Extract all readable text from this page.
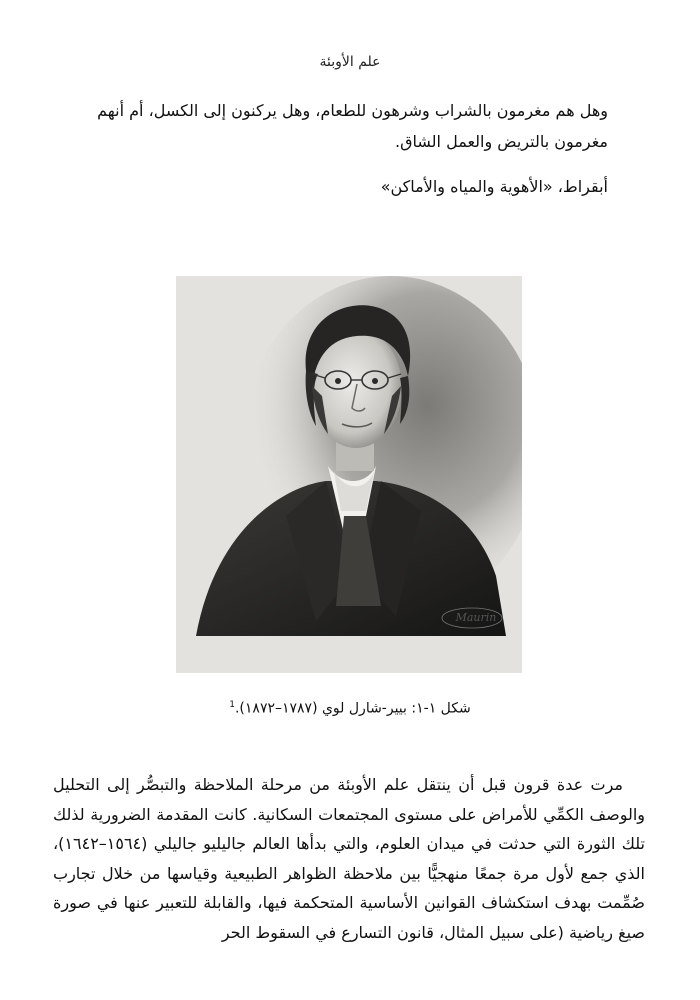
علم الأوبئة

وهل هم مغرمون بالشراب وشرهون للطعام، وهل يركنون إلى الكسل، أم أنهم مغرمون بالتريض والعمل الشاق.

أبقراط، «الأهوية والمياه والأماكن»

Maurin
شكل ١-١: بيير-شارل لوي (١٧٨٧–١٨٧٢).$^1$

مرت عدة قرون قبل أن ينتقل علم الأوبئة من مرحلة الملاحظة والتبصُّر إلى التحليل والوصف الكمِّي للأمراض على مستوى المجتمعات السكانية. كانت المقدمة الضرورية لذلك تلك الثورة التي حدثت في ميدان العلوم، والتي بدأها العالم جاليليو جاليلي (١٥٦٤–١٦٤٢)، الذي جمع لأول مرة جمعًا منهجيًّا بين ملاحظة الظواهر الطبيعية وقياسها من خلال تجارب صُمِّمت بهدف استكشاف القوانين الأساسية المتحكمة فيها، والقابلة للتعبير عنها في صورة صيغ رياضية (على سبيل المثال، قانون التسارع في السقوط الحر
